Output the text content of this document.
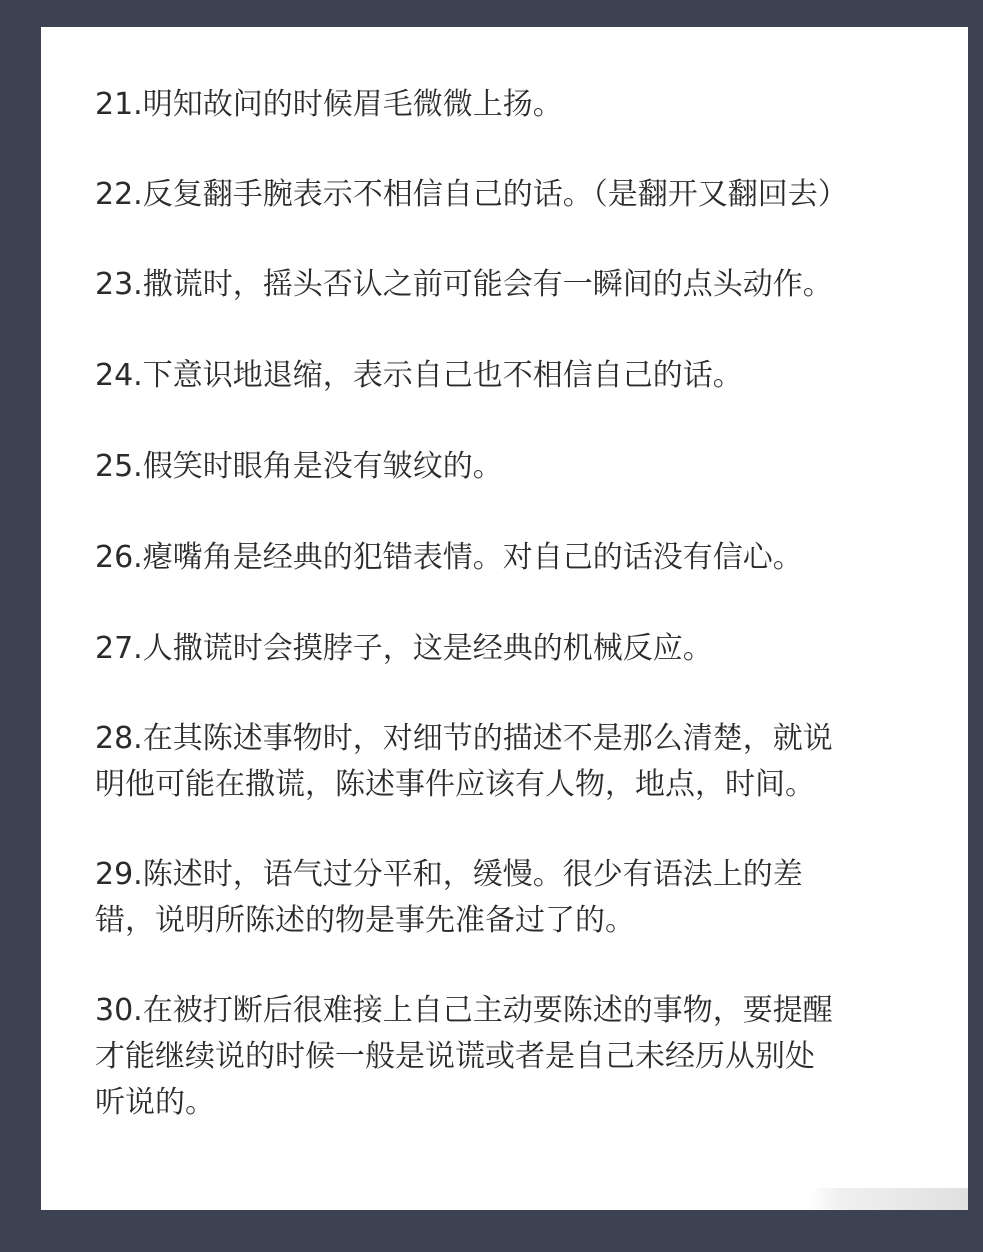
21.明知故问的时候眉毛微微上扬。

22.反复翻手腕表示不相信自己的话。（是翻开又翻回去）

23.撒谎时，摇头否认之前可能会有一瞬间的点头动作。

24.下意识地退缩，表示自己也不相信自己的话。

25.假笑时眼角是没有皱纹的。

26.瘪嘴角是经典的犯错表情。对自己的话没有信心。

27.人撒谎时会摸脖子，这是经典的机械反应。

28.在其陈述事物时，对细节的描述不是那么清楚，就说
明他可能在撒谎，陈述事件应该有人物，地点，时间。

29.陈述时，语气过分平和，缓慢。很少有语法上的差
错，说明所陈述的物是事先准备过了的。

30.在被打断后很难接上自己主动要陈述的事物，要提醒
才能继续说的时候一般是说谎或者是自己未经历从别处
听说的。
